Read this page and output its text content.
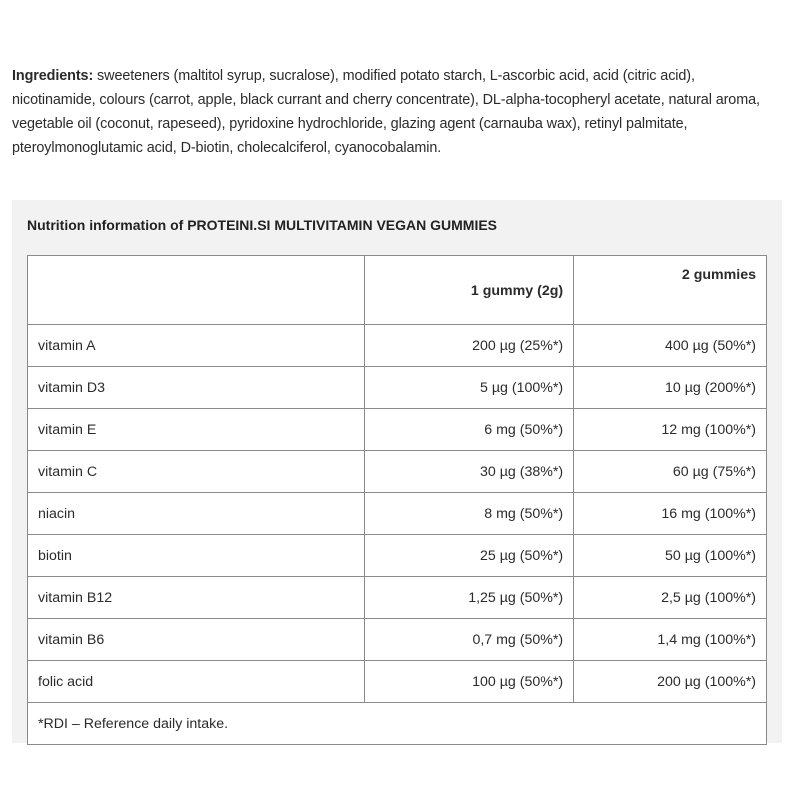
Ingredients: sweeteners (maltitol syrup, sucralose), modified potato starch, L-ascorbic acid, acid (citric acid), nicotinamide, colours (carrot, apple, black currant and cherry concentrate), DL-alpha-tocopheryl acetate, natural aroma, vegetable oil (coconut, rapeseed), pyridoxine hydrochloride, glazing agent (carnauba wax), retinyl palmitate, pteroylmonoglutamic acid, D-biotin, cholecalciferol, cyanocobalamin.
Nutrition information of PROTEINI.SI MULTIVITAMIN VEGAN GUMMIES
	1 gummy (2g)	2 gummies
vitamin A	200 µg (25%*)	400 µg (50%*)
vitamin D3	5 µg (100%*)	10 µg (200%*)
vitamin E	6 mg (50%*)	12 mg (100%*)
vitamin C	30 µg (38%*)	60 µg (75%*)
niacin	8 mg (50%*)	16 mg (100%*)
biotin	25 µg (50%*)	50 µg (100%*)
vitamin B12	1,25 µg (50%*)	2,5 µg (100%*)
vitamin B6	0,7 mg (50%*)	1,4 mg (100%*)
folic acid	100 µg (50%*)	200 µg (100%*)
*RDI – Reference daily intake.		
